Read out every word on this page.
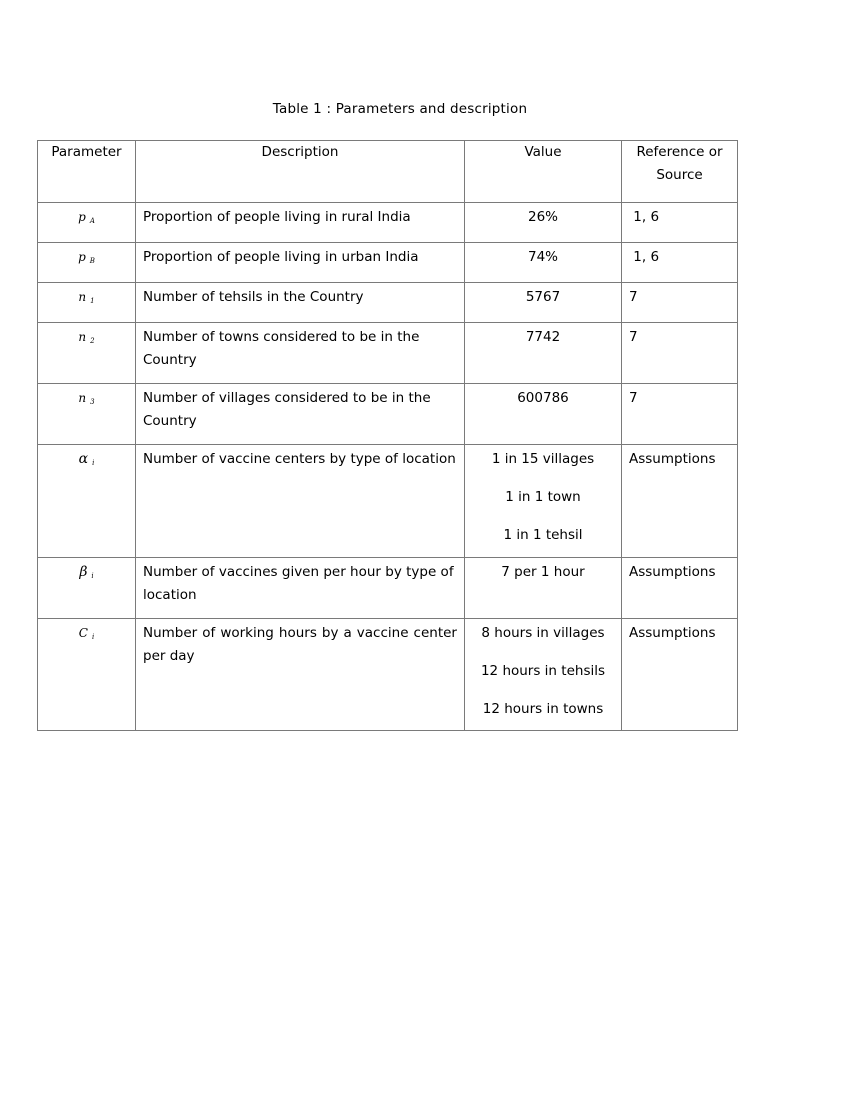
Table 1 : Parameters and description
Parameter	Description	Value	Reference or
Source
p $_A$	Proportion of people living in rural India	26%	1, 6
p $_B$	Proportion of people living in urban India	74%	1, 6
n $_1$	Number of tehsils in the Country	5767	7
n $_2$	Number of towns considered to be in the Country	7742	7
n $_3$	Number of villages considered to be in the Country	600786	7
α $_i$	Number of vaccine centers by type of location	1 in 15 villages
1 in 1 town
1 in 1 tehsil	Assumptions
β $_i$	Number of vaccines given per hour by type of location	7 per 1 hour	Assumptions
C $_i$	Number of working hours by a vaccine center per day	8 hours in villages
12 hours in tehsils
12 hours in towns	Assumptions
